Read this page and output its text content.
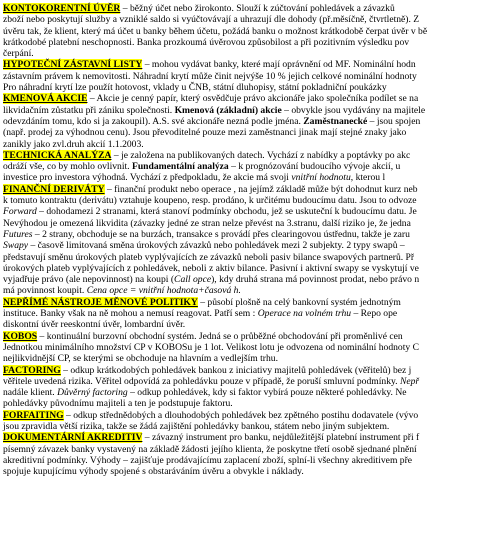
KONTOKORENTNÍ ÚVĚR – běžný účet nebo žirokonto. Slouží k zúčtování pohledávek a závazků
zboží nebo poskytují služby a vzniklé saldo si vyúčtovávají a uhrazují dle dohody (př.měsíčně, čtvrtletně). Z
úvěru tak, že klient, který má účet u banky během účetu, požádá banku o možnost krátkodobě čerpat úvěr v bě
krátkodobé platební neschopnosti. Banka prozkoumá úvěrovou způsobilost a při pozitivním výsledku pov
čerpání.
HYPOTEČNÍ ZÁSTAVNÍ LISTY – mohou vydávat banky, které mají oprávnění od MF. Nominální hodn
zástavním právem k nemovitosti. Náhradní krytí může činit nejvýše 10 % jejich celkové nominální hodnoty
Pro náhradní krytí lze použít hotovost, vklady u ČNB, státní dluhopisy, státní pokladniční poukázky
KMENOVÁ AKCIE – Akcie je cenný papír, který osvědčuje právo akcionáře jako společníka podílet se na
likvidačním zůstatku při zániku společnosti. Kmenová (základní) akcie – obvykle jsou vydávány na majitele
odevzdáním tomu, kdo si ja zakoupil). A.S. své akcionáře nezná podle jména. Zaměstnanecké – jsou spojen
(např. prodej za výhodnou cenu). Jsou převoditelné pouze mezi zaměstnanci jinak mají stejné znaky jako
zanikly jako zvl.druh akcií 1.1.2003.
TECHNICKÁ ANALÝZA – je založena na publikovaných datech. Vychází z nabídky a poptávky po akc
odráží vše, co by mohlo ovlivnit. Fundamentální analýza – k prognózování budoucího vývoje akcií, u
investice pro investora výhodná. Vychází z předpokladu, že akcie má svoji vnitřní hodnotu, kterou l
FINANČNÍ DERIVÁTY – finanční produkt nebo operace , na jejímž základě může být dohodnut kurz neb
k tomuto kontraktu (derivátu) vztahuje koupeno, resp. prodáno, k určitému budoucímu datu. Jsou to odvoze
Forward – dohodamezi 2 stranami, která stanoví podmínky obchodu, jež se uskuteční k budoucímu datu. Je
Nevýhodou je omezená likvidita (závazky jedné ze stran nelze převést na 3.stranu, další riziko je, že jedna
Futures – 2 strany, obchoduje se na burzách, transakce s provádí přes clearingovou ústřednu, takže je zaru
Swapy – časově limitovaná směna úrokových závazků nebo pohledávek mezi 2 subjekty. 2 typy swapů –
představují směnu úrokových plateb vyplývajících ze závazků neboli pasiv bilance swapových partnerů. Př
úrokových plateb vyplývajících z pohledávek, neboli z aktiv bilance. Pasivní i aktivní swapy se vyskytují ve
vyjadřuje právo (ale nepovinnost) na koupi (Call opce), kdy druhá strana má povinnost prodat, nebo právo n
má povinnost koupit. Cena opce = vnitřní hodnota+časová h.
NEPŘÍMÉ NÁSTROJE MĚNOVÉ POLITIKY – působí plošně na celý bankovní systém jednotným
instituce. Banky však na ně mohou a nemusí reagovat. Patří sem : Operace na volném trhu – Repo ope
diskontní úvěr reeskontní úvěr, lombardní úvěr.
KOBOS – kontinuální burzovní obchodní systém. Jedná se o průběžné obchodování při proměnlivé cen
Jednotkou minimálního množství CP v KOBOSu je 1 lot. Velikost lotu je odvozena od nominální hodnoty C
nejlikvidnější CP, se kterými se obchoduje na hlavním a vedlejším trhu.
FACTORING – odkup krátkodobých pohledávek bankou z iniciativy majitelů pohledávek (věřitelů) bez j
věřitele uvedená rizika. Věřitel odpovídá za pohledávku pouze v případě, že poruší smluvní podmínky. Nepř
nadále klient. Důvěrný factoring – odkup pohledávek, kdy si faktor vybírá pouze některé pohledávky. Ne
pohledávky původnímu majiteli a ten je podstupuje faktoru.
FORFAITING – odkup střednědobých a dlouhodobých pohledávek bez zpětného postihu dodavatele (vývo
jsou zpravidla větší rizika, takže se žádá zajištění pohledávky bankou, státem nebo jiným subjektem.
DOKUMENTÁRNÍ AKREDITIV – závazný instrument pro banku, nejdůležitější platební instrument při f
písemný závazek banky vystavený na základě žádosti jejího klienta, že poskytne třetí osobě sjednané plnění
akreditivní podmínky. Výhody – zajišťuje prodávajícímu zaplacení zboží, splní-li všechny akreditivem pře
spojuje kupujícímu výhody spojené s obstaráváním úvěru a obvykle i náklady.
